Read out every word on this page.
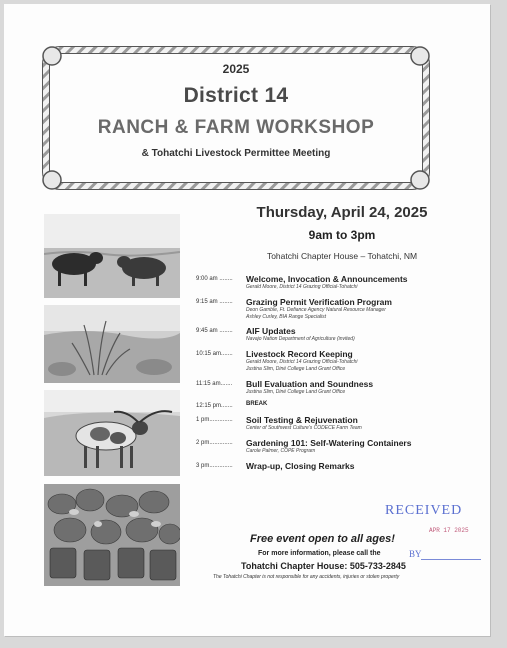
2025
District 14
RANCH & FARM WORKSHOP
& Tohatchi Livestock Permittee Meeting
Thursday, April 24, 2025
9am to 3pm
Tohatchi Chapter House – Tohatchi, NM
9:00 am ........	Welcome, Invocation & Announcements
Gerald Moore, District 14 Grazing Official-Tohatchi
9:15 am ........	Grazing Permit Verification Program
Deon Gamble, Ft. Defiance Agency Natural Resource Manager
Ashley Curley, BIA Range Specialist
9:45 am ........	AIF Updates
Navajo Nation Department of Agriculture (invited)
10:15 am.......	Livestock Record Keeping
Gerald Moore, District 14 Grazing Official-Tohatchi
Justina Slim, Diné College Land Grant Office
11:15 am.......	Bull Evaluation and Soundness
Justina Slim, Diné College Land Grant Office
12:15 pm.......	BREAK
1 pm..............	Soil Testing & Rejuvenation
Center of Southwest Culture's CODECE Farm Team
2 pm..............	Gardening 101: Self-Watering Containers
Carole Palmer, COPE Program
3 pm..............	Wrap-up, Closing Remarks
Free event open to all ages!
For more information, please call the
Tohatchi Chapter House: 505-733-2845
The Tohatchi Chapter is not responsible for any accidents, injuries or stolen property
RECEIVED
APR 17 2025
BY
